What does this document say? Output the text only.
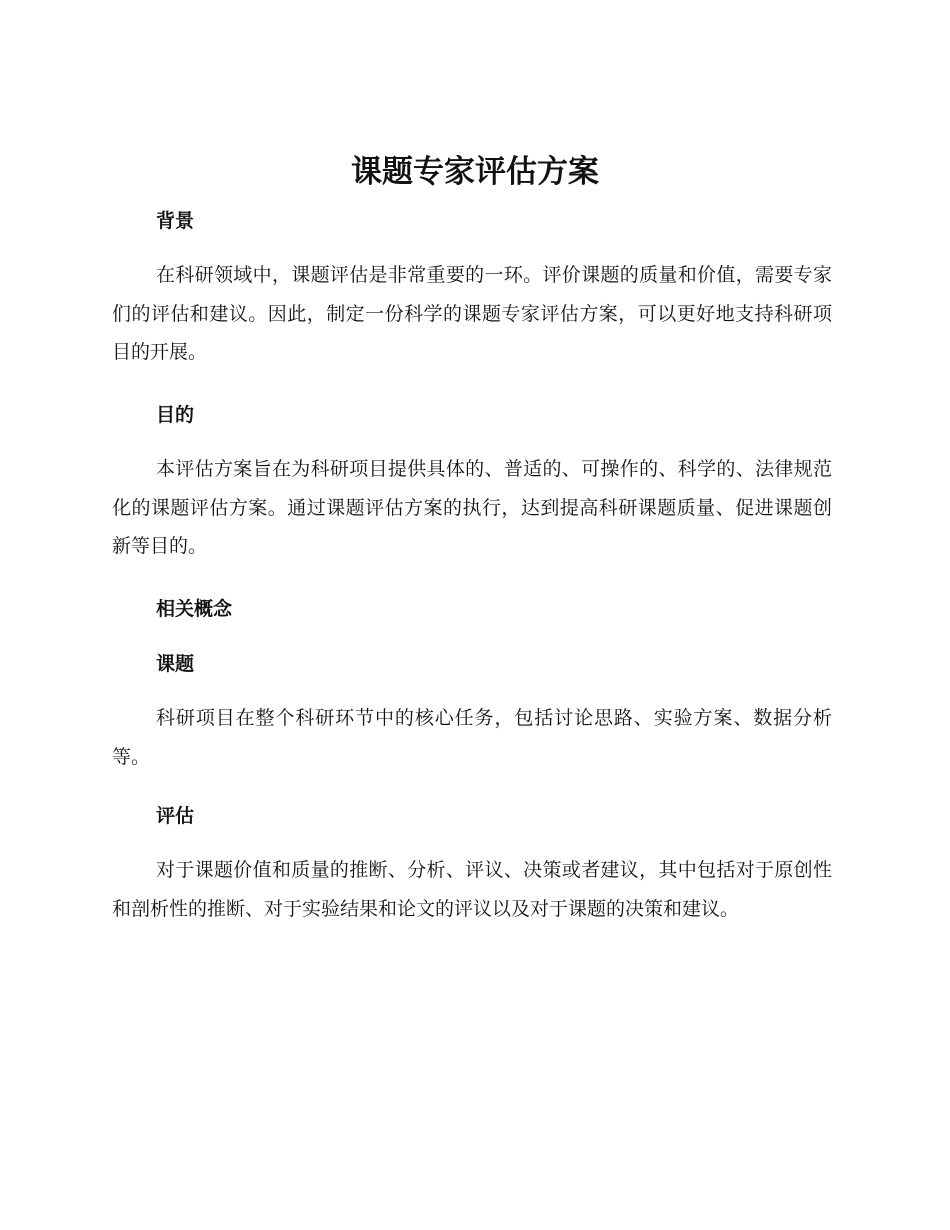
课题专家评估方案
背景
在科研领域中，课题评估是非常重要的一环。评价课题的质量和价值，需要专家们的评估和建议。因此，制定一份科学的课题专家评估方案，可以更好地支持科研项目的开展。
目的
本评估方案旨在为科研项目提供具体的、普适的、可操作的、科学的、法律规范化的课题评估方案。通过课题评估方案的执行，达到提高科研课题质量、促进课题创新等目的。
相关概念
课题
科研项目在整个科研环节中的核心任务，包括讨论思路、实验方案、数据分析等。
评估
对于课题价值和质量的推断、分析、评议、决策或者建议，其中包括对于原创性和剖析性的推断、对于实验结果和论文的评议以及对于课题的决策和建议。
